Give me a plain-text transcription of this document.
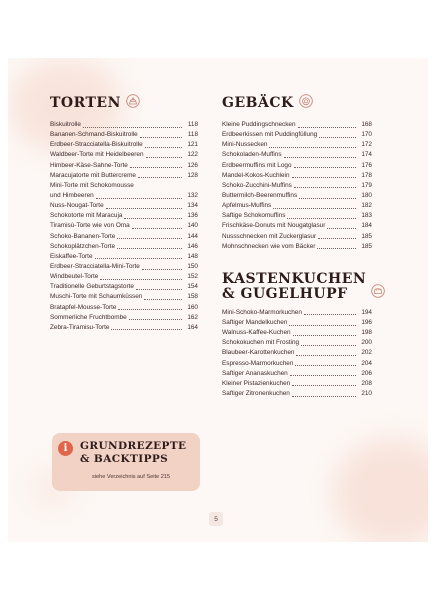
TORTEN
Biskuitrolle	118
Bananen-Schmand-Biskuitrolle	118
Erdbeer-Stracciatella-Biskuitrolle	121
Waldbeer-Torte mit Heidelbeeren	122
Himbeer-Käse-Sahne-Torte	126
Maracujatorte mit Buttercreme	128
Mini-Torte mit Schokomousse
und Himbeeren	132
Nuss-Nougat-Torte	134
Schokotorte mit Maracuja	136
Tiramisù-Torte wie von Oma	140
Schoko-Bananen-Torte	144
Schokoplätzchen-Torte	146
Eiskaffee-Torte	148
Erdbeer-Stracciatella-Mini-Torte	150
Windbeutel-Torte	152
Traditionelle Geburtstagstorte	154
Muschi-Torte mit Schaumküssen	158
Bratapfel-Mousse-Torte	160
Sommerliche Fruchtbombe	162
Zebra-Tiramisu-Torte	164
GEBÄCK
Kleine Puddingschnecken	168
Erdbeerkissen mit Puddingfüllung	170
Mini-Nussecken	172
Schokoladen-Muffins	174
Erdbeermuffins mit Logo	176
Mandel-Kokos-Kuchlein	178
Schoko-Zucchini-Muffins	179
Buttermilch-Beerenmuffins	180
Apfelmus-Muffins	182
Saftige Schokomuffins	183
Frischkäse-Donuts mit Nougatglasur	184
Nussschnecken mit Zuckerglasur	185
Mohnschnecken wie vom Bäcker	185
KASTENKUCHEN
& GUGELHUPF
Mini-Schoko-Marmorkuchen	194
Saftiger Mandelkuchen	196
Walnuss-Kaffee-Kuchen	198
Schokokuchen mit Frosting	200
Blaubeer-Karottenkuchen	202
Espresso-Marmorkuchen	204
Saftiger Ananaskuchen	206
Kleiner Pistazienkuchen	208
Saftiger Zitronenkuchen	210
i GRUNDREZEPTE
& BACKTIPPS
siehe Verzeichnis auf Seite 215
5
